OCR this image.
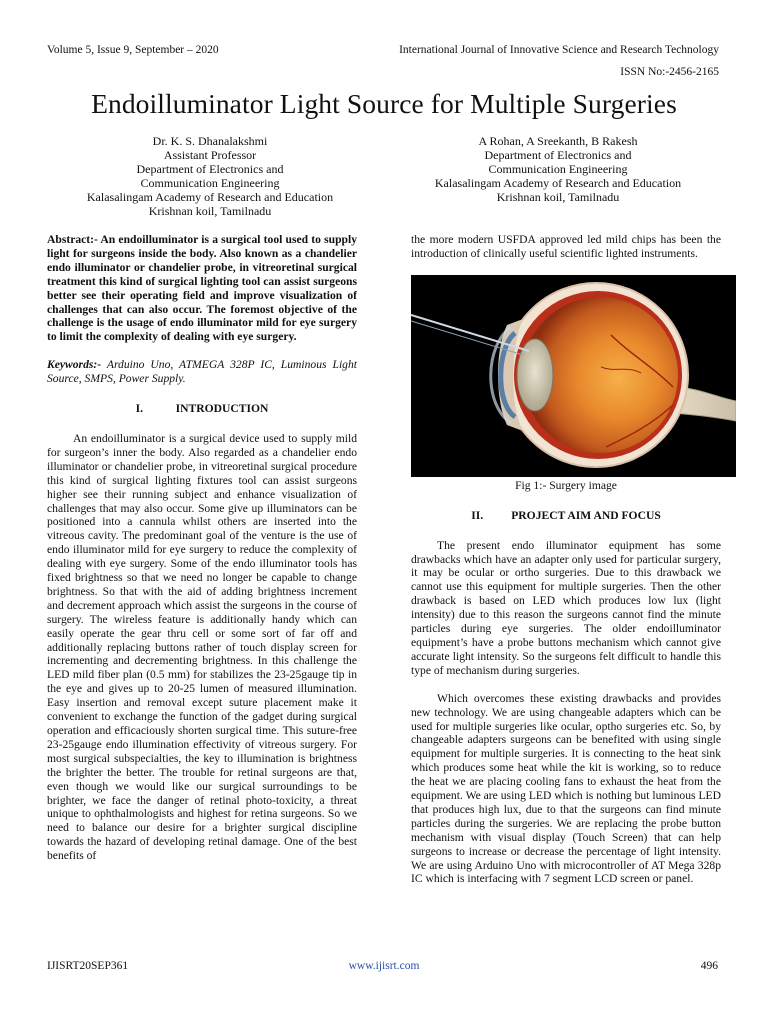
Volume 5, Issue 9, September – 2020	International Journal of Innovative Science and Research Technology
ISSN No:-2456-2165
Endoilluminator Light Source for Multiple Surgeries
Dr. K. S. Dhanalakshmi
Assistant Professor
Department of Electronics and
Communication Engineering
Kalasalingam Academy of Research and Education
Krishnan koil, Tamilnadu
A Rohan, A Sreekanth, B Rakesh
Department of Electronics and
Communication Engineering
Kalasalingam Academy of Research and Education
Krishnan koil, Tamilnadu

Abstract:- An endoilluminator is a surgical tool used to supply light for surgeons inside the body. Also known as a chandelier endo illuminator or chandelier probe, in vitreoretinal surgical treatment this kind of surgical lighting tool can assist surgeons better see their operating field and improve visualization of challenges that can also occur. The foremost objective of the challenge is the usage of endo illuminator mild for eye surgery to limit the complexity of dealing with eye surgery.

Keywords:- Arduino Uno, ATMEGA 328P IC, Luminous Light Source, SMPS, Power Supply.

I.	INTRODUCTION

An endoilluminator is a surgical device used to supply mild for surgeon’s inner the body. Also regarded as a chandelier endo illuminator or chandelier probe, in vitreoretinal surgical procedure this kind of surgical lighting fixtures tool can assist surgeons higher see their running subject and enhance visualization of challenges that may also occur. Some give up illuminators can be positioned into a cannula whilst others are inserted into the vitreous cavity. The predominant goal of the venture is the use of endo illuminator mild for eye surgery to reduce the complexity of dealing with eye surgery. Some of the endo illuminator tools has fixed brightness so that we need no longer be capable to change brightness. So that with the aid of adding brightness increment and decrement approach which assist the surgeons in the course of surgery. The wireless feature is additionally handy which can easily operate the gear thru cell or some sort of far off and additionally replacing buttons rather of touch display screen for incrementing and decrementing brightness. In this challenge the LED mild fiber plan (0.5 mm) for stabilizes the 23-25gauge tip in the eye and gives up to 20-25 lumen of measured illumination. Easy insertion and removal except suture placement make it convenient to exchange the function of the gadget during surgical operation and efficaciously shorten surgical time. This suture-free 23-25gauge endo illumination effectivity of vitreous surgery. For most surgical subspecialties, the key to illumination is brightness the brighter the better. The trouble for retinal surgeons are that, even though we would like our surgical surroundings to be brighter, we face the danger of retinal photo-toxicity, a threat unique to ophthalmologists and highest for retina surgeons. So we need to balance our desire for a brighter surgical discipline towards the hazard of developing retinal damage. One of the best benefits of

the more modern USFDA approved led mild chips has been the introduction of clinically useful scientific lighted instruments.

Fig 1:- Surgery image

II. PROJECT AIM AND FOCUS

The present endo illuminator equipment has some drawbacks which have an adapter only used for particular surgery, it may be ocular or ortho surgeries. Due to this drawback we cannot use this equipment for multiple surgeries. Then the other drawback is based on LED which produces low lux (light intensity) due to this reason the surgeons cannot find the minute particles during eye surgeries. The older endoilluminator equipment’s have a probe buttons mechanism which cannot give accurate light intensity. So the surgeons felt difficult to handle this type of mechanism during surgeries.

Which overcomes these existing drawbacks and provides new technology. We are using changeable adapters which can be used for multiple surgeries like ocular, optho surgeries etc. So, by changeable adapters surgeons can be benefited with using single equipment for multiple surgeries. It is connecting to the heat sink which produces some heat while the kit is working, so to reduce the heat we are placing cooling fans to exhaust the heat from the equipment. We are using LED which is nothing but luminous LED that produces high lux, due to that the surgeons can find minute particles during the surgeries. We are replacing the probe button mechanism with visual display (Touch Screen) that can help surgeons to increase or decrease the percentage of light intensity. We are using Arduino Uno with microcontroller of AT Mega 328p IC which is interfacing with 7 segment LCD screen or panel.

IJISRT20SEP361	www.ijisrt.com	496
